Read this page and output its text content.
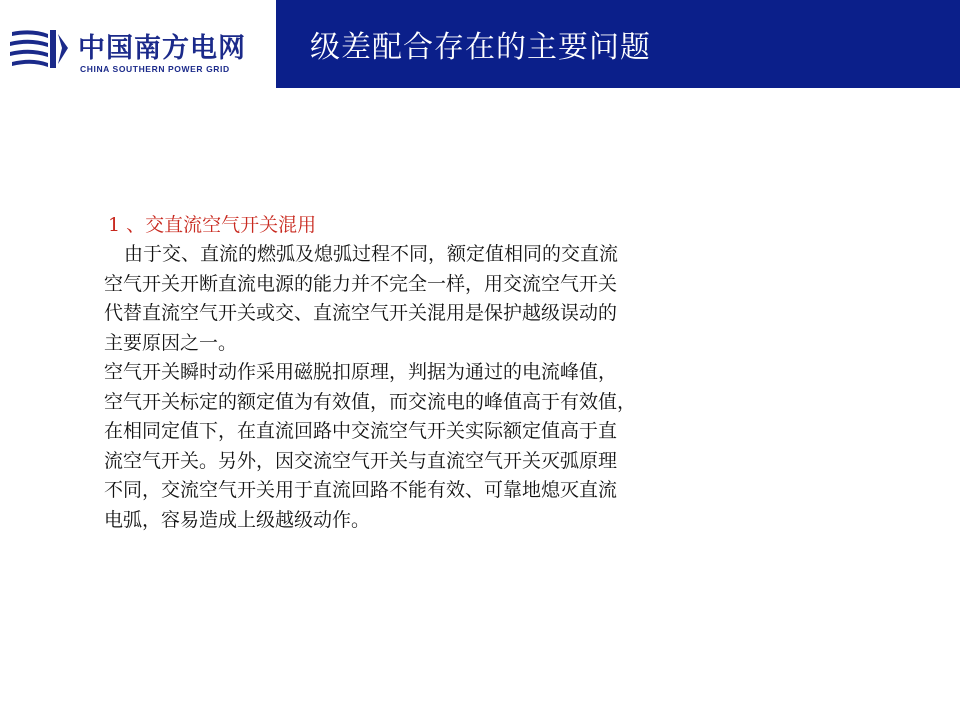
中国南方电网
CHINA SOUTHERN POWER GRID
级差配合存在的主要问题
1 、交直流空气开关混用

由于交、直流的燃弧及熄弧过程不同，额定值相同的交直流
空气开关开断直流电源的能力并不完全一样，用交流空气开关
代替直流空气开关或交、直流空气开关混用是保护越级误动的
主要原因之一。

空气开关瞬时动作采用磁脱扣原理，判据为通过的电流峰值，
空气开关标定的额定值为有效值，而交流电的峰值高于有效值，
在相同定值下，在直流回路中交流空气开关实际额定值高于直
流空气开关。另外，因交流空气开关与直流空气开关灭弧原理
不同，交流空气开关用于直流回路不能有效、可靠地熄灭直流
电弧，容易造成上级越级动作。
